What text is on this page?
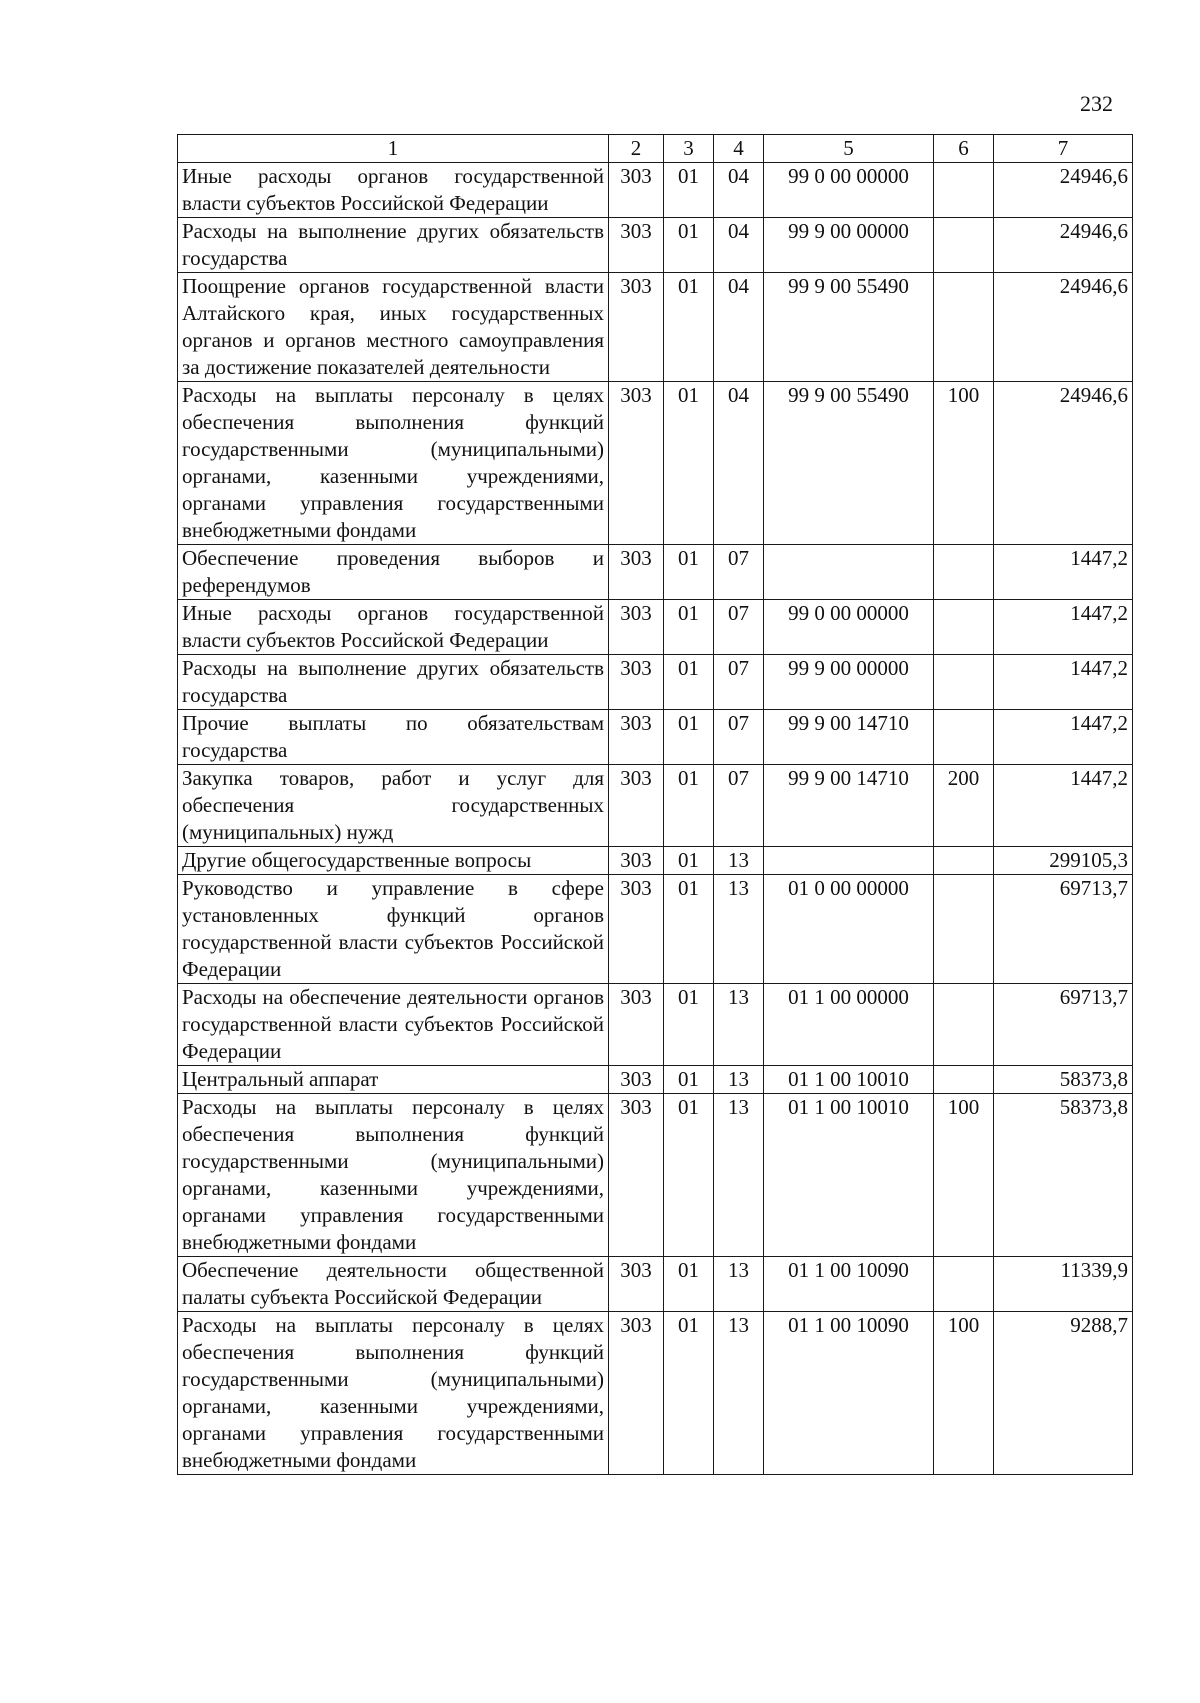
232
1	2	3	4	5	6	7
Иные расходы органов государственной власти субъектов Российской Федерации	303	01	04	99 0 00 00000		24946,6
Расходы на выполнение других обязательств государства	303	01	04	99 9 00 00000		24946,6
Поощрение органов государственной власти Алтайского края, иных государственных органов и органов местного самоуправления за достижение показателей деятельности	303	01	04	99 9 00 55490		24946,6
Расходы на выплаты персоналу в целях обеспечения выполнения функций государственными (муниципальными) органами, казенными учреждениями, органами управления государственными внебюджетными фондами	303	01	04	99 9 00 55490	100	24946,6
Обеспечение проведения выборов и референдумов	303	01	07			1447,2
Иные расходы органов государственной власти субъектов Российской Федерации	303	01	07	99 0 00 00000		1447,2
Расходы на выполнение других обязательств государства	303	01	07	99 9 00 00000		1447,2
Прочие выплаты по обязательствам государства	303	01	07	99 9 00 14710		1447,2
Закупка товаров, работ и услуг для обеспечения государственных (муниципальных) нужд	303	01	07	99 9 00 14710	200	1447,2
Другие общегосударственные вопросы	303	01	13			299105,3
Руководство и управление в сфере установленных функций органов государственной власти субъектов Российской Федерации	303	01	13	01 0 00 00000		69713,7
Расходы на обеспечение деятельности органов государственной власти субъектов Российской Федерации	303	01	13	01 1 00 00000		69713,7
Центральный аппарат	303	01	13	01 1 00 10010		58373,8
Расходы на выплаты персоналу в целях обеспечения выполнения функций государственными (муниципальными) органами, казенными учреждениями, органами управления государственными внебюджетными фондами	303	01	13	01 1 00 10010	100	58373,8
Обеспечение деятельности общественной палаты субъекта Российской Федерации	303	01	13	01 1 00 10090		11339,9
Расходы на выплаты персоналу в целях обеспечения выполнения функций государственными (муниципальными) органами, казенными учреждениями, органами управления государственными внебюджетными фондами	303	01	13	01 1 00 10090	100	9288,7
